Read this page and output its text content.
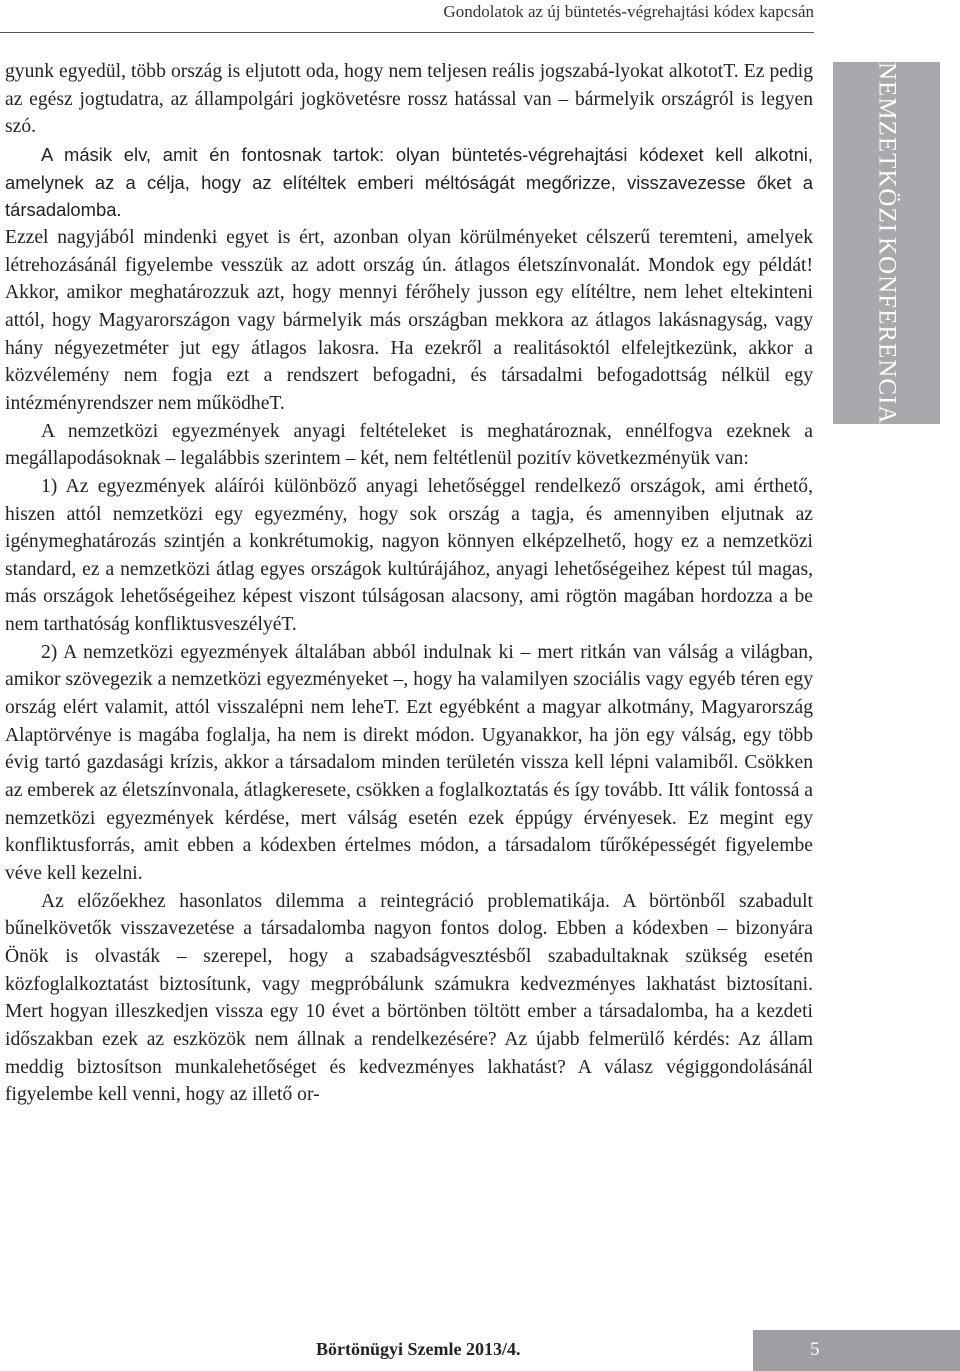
Gondolatok az új büntetés-végrehajtási kódex kapcsán
NEMZETKÖZI
KONFERENCIA

gyunk egyedül, több ország is eljutott oda, hogy nem teljesen reális jogszabá-lyokat alkototT. Ez pedig az egész jogtudatra, az állampolgári jogkövetésre rossz hatással van – bármelyik országról is legyen szó.

A másik elv, amit én fontosnak tartok: olyan büntetés-végrehajtási kódexet kell alkotni, amelynek az a célja, hogy az elítéltek emberi méltóságát megőrizze, visszavezesse őket a társadalomba.

Ezzel nagyjából mindenki egyet is ért, azonban olyan körülményeket célszerű teremteni, amelyek létrehozásánál figyelembe vesszük az adott ország ún. átlagos életszínvonalát. Mondok egy példát! Akkor, amikor meghatározzuk azt, hogy mennyi férőhely jusson egy elítéltre, nem lehet eltekinteni attól, hogy Magyarországon vagy bármelyik más országban mekkora az átlagos lakásnagyság, vagy hány négyezetméter jut egy átlagos lakosra. Ha ezekről a realitásoktól elfelejtkezünk, akkor a közvélemény nem fogja ezt a rendszert befogadni, és társadalmi befogadottság nélkül egy intézményrendszer nem működheT.

A nemzetközi egyezmények anyagi feltételeket is meghatároznak, ennélfogva ezeknek a megállapodásoknak – legalábbis szerintem – két, nem feltétlenül pozitív következményük van:

1) Az egyezmények aláírói különböző anyagi lehetőséggel rendelkező országok, ami érthető, hiszen attól nemzetközi egy egyezmény, hogy sok ország a tagja, és amennyiben eljutnak az igénymeghatározás szintjén a konkrétumokig, nagyon könnyen elképzelhető, hogy ez a nemzetközi standard, ez a nemzetközi átlag egyes országok kultúrájához, anyagi lehetőségeihez képest túl magas, más országok lehetőségeihez képest viszont túlságosan alacsony, ami rögtön magában hordozza a be nem tarthatóság konfliktusveszélyéT.

2) A nemzetközi egyezmények általában abból indulnak ki – mert ritkán van válság a világban, amikor szövegezik a nemzetközi egyezményeket –, hogy ha valamilyen szociális vagy egyéb téren egy ország elért valamit, attól visszalépni nem leheT. Ezt egyébként a magyar alkotmány, Magyarország Alaptörvénye is magába foglalja, ha nem is direkt módon. Ugyanakkor, ha jön egy válság, egy több évig tartó gazdasági krízis, akkor a társadalom minden területén vissza kell lépni valamiből. Csökken az emberek az életszínvonala, átlagkeresete, csökken a foglalkoztatás és így tovább. Itt válik fontossá a nemzetközi egyezmények kérdése, mert válság esetén ezek éppúgy érvényesek. Ez megint egy konfliktusforrás, amit ebben a kódexben értelmes módon, a társadalom tűrőképességét figyelembe véve kell kezelni.

Az előzőekhez hasonlatos dilemma a reintegráció problematikája. A börtönből szabadult bűnelkövetők visszavezetése a társadalomba nagyon fontos dolog. Ebben a kódexben – bizonyára Önök is olvasták – szerepel, hogy a szabadságvesztésből szabadultaknak szükség esetén közfoglalkoztatást biztosítunk, vagy megpróbálunk számukra kedvezményes lakhatást biztosítani. Mert hogyan illeszkedjen vissza egy 10 évet a börtönben töltött ember a társadalomba, ha a kezdeti időszakban ezek az eszközök nem állnak a rendelkezésére? Az újabb felmerülő kérdés: Az állam meddig biztosítson munkalehetőséget és kedvezményes lakhatást? A válasz végiggondolásánál figyelembe kell venni, hogy az illető or-

Börtönügyi Szemle 2013/4.	5
